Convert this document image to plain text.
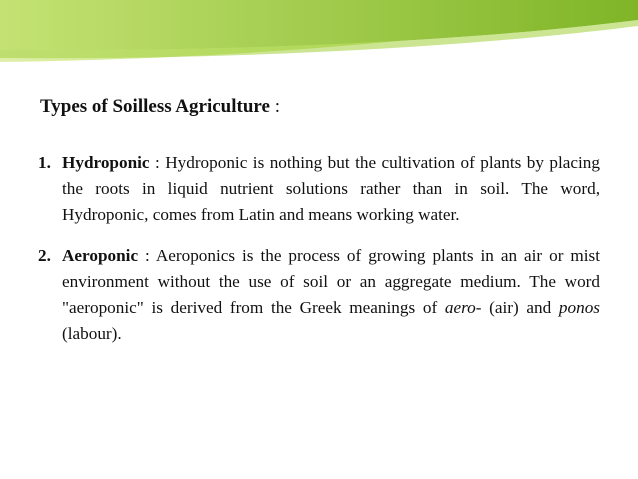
Types of Soilless Agriculture :
1. Hydroponic : Hydroponic is nothing but the cultivation of plants by placing the roots in liquid nutrient solutions rather than in soil. The word, Hydroponic, comes from Latin and means working water.
2. Aeroponic : Aeroponics is the process of growing plants in an air or mist environment without the use of soil or an aggregate medium. The word "aeroponic" is derived from the Greek meanings of aero- (air) and ponos (labour).
